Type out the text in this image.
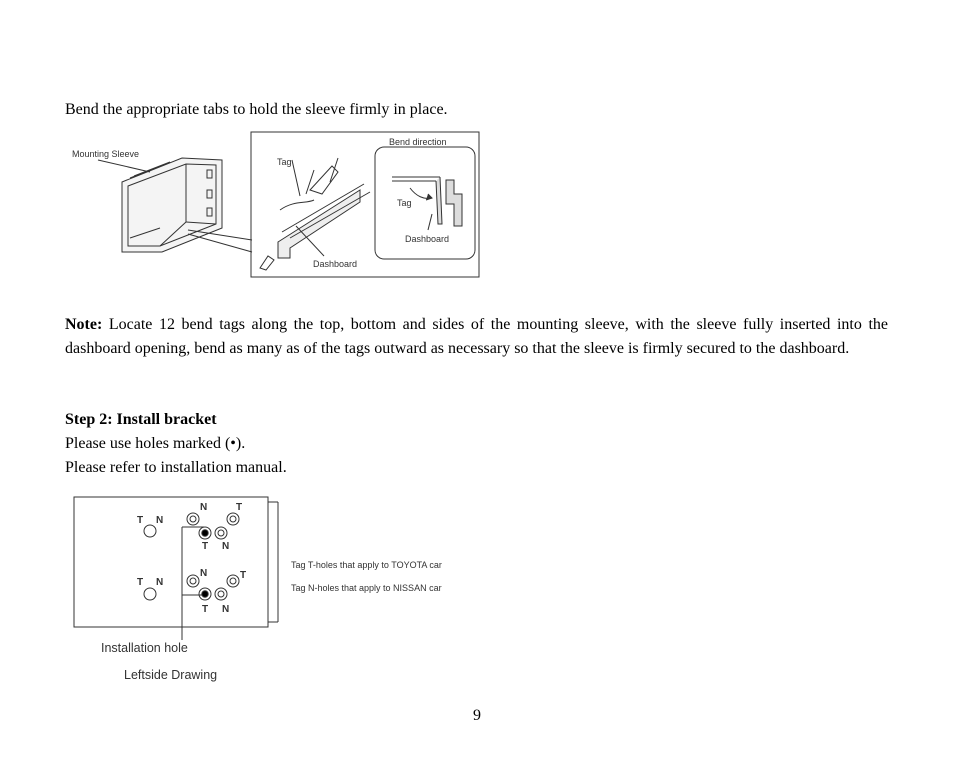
Bend the appropriate tabs to hold the sleeve firmly in place.

Mounting Sleeve
Tag
Dashboard
Bend direction
Tag
Dashboard

Note: Locate 12 bend tags along the top, bottom and sides of the mounting sleeve, with the sleeve fully inserted into the dashboard opening, bend as many as of the tags outward as necessary so that the sleeve is firmly secured to the dashboard.

Step 2: Install bracket

Please use holes marked (•).

Please refer to installation manual.

N	T
T N
T N
N	T
T N
T N
Tag T-holes that apply to TOYOTA car
Tag N-holes that apply to NISSAN car
Installation hole
Leftside Drawing

9
